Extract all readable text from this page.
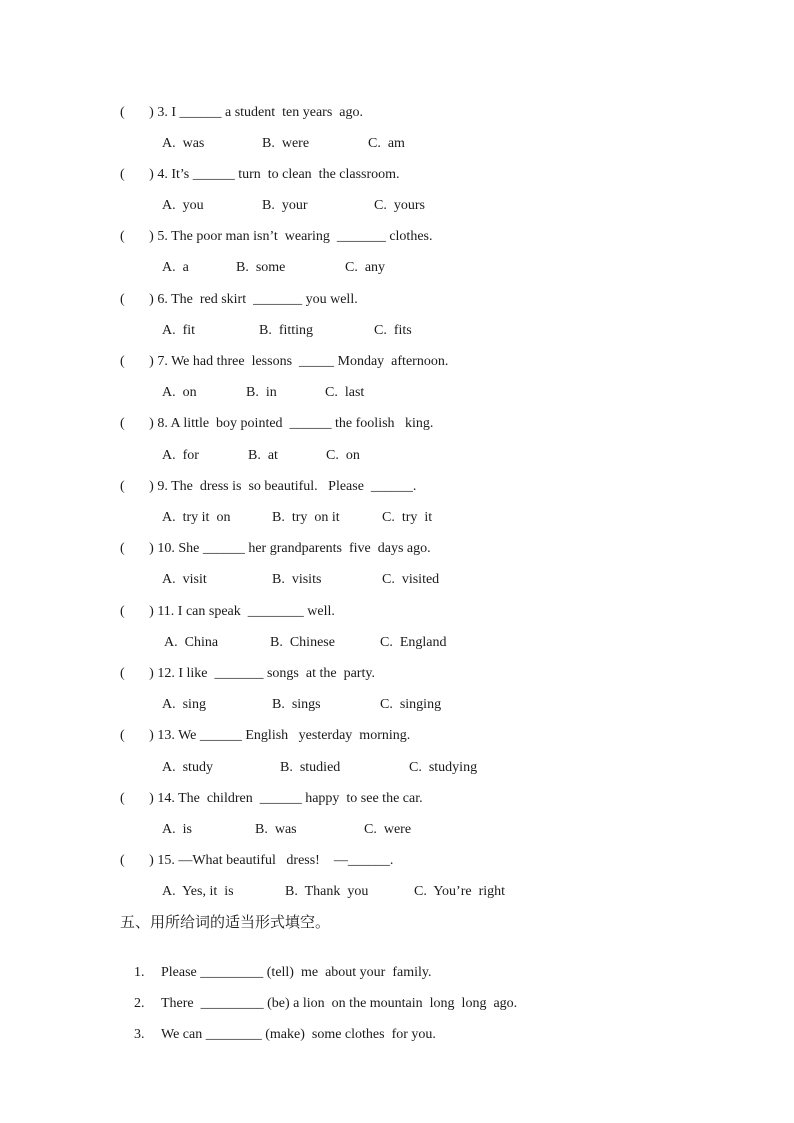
(       ) 3. I ______ a student  ten years  ago.

A.  was

	B.  were

	C.  am

(       ) 4. It’s ______ turn  to clean  the classroom.

A.  you

	B.  your

	C.  yours

(       ) 5. The poor man isn’t  wearing  _______ clothes.

A.  a

	B.  some

	C.  any

(       ) 6. The  red skirt  _______ you well.

A.  fit

	B.  fitting

	C.  fits

(       ) 7. We had three  lessons  _____ Monday  afternoon.

A.  on

	B.  in

	C.  last

(       ) 8. A little  boy pointed  ______ the foolish   king.

A.  for

	B.  at

	C.  on

(       ) 9. The  dress is  so beautiful.   Please  ______.

A.  try it  on

	B.  try  on it

	C.  try  it

(       ) 10. She ______ her grandparents  five  days ago.

A.  visit

	B.  visits

	C.  visited

(       ) 11. I can speak  ________ well.

A.  China

	B.  Chinese

	C.  England

(       ) 12. I like  _______ songs  at the  party.

A.  sing

	B.  sings

	C.  singing

(       ) 13. We ______ English   yesterday  morning.

A.  study

	B.  studied

	C.  studying

(       ) 14. The  children  ______ happy  to see the car.

A.  is

	B.  was

	C.  were

(       ) 15. —What beautiful   dress!    —______.

A.  Yes, it  is

	B.  Thank  you

	C.  You’re  right

五、用所给词的适当形式填空。

1. Please _________ (tell)  me  about your  family.

2. There  _________ (be) a lion  on the mountain  long  long  ago.

3. We can ________ (make)  some clothes  for you.
